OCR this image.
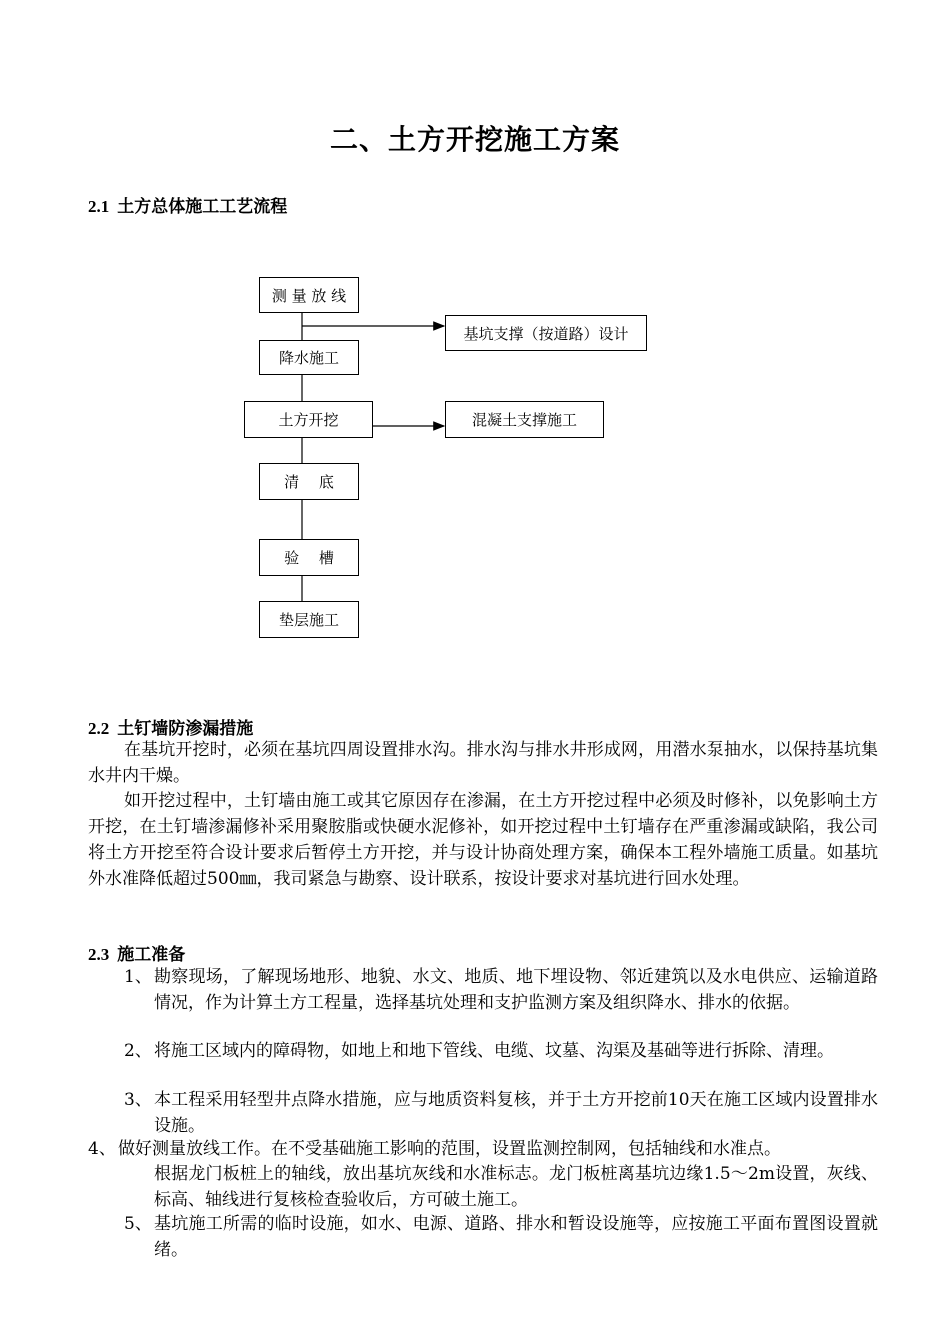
二、土方开挖施工方案
2.1 土方总体施工工艺流程
测 量 放 线
降水施工
土方开挖
清　 底
验　 槽
垫层施工
基坑支撑（按道路）设计
混凝土支撑施工
2.2 土钉墙防渗漏措施
在基坑开挖时，必须在基坑四周设置排水沟。排水沟与排水井形成网，用潜水泵抽水，以保持基坑集水井内干燥。
如开挖过程中，土钉墙由施工或其它原因存在渗漏，在土方开挖过程中必须及时修补，以免影响土方开挖，在土钉墙渗漏修补采用聚胺脂或快硬水泥修补，如开挖过程中土钉墙存在严重渗漏或缺陷，我公司将土方开挖至符合设计要求后暂停土方开挖，并与设计协商处理方案，确保本工程外墙施工质量。如基坑外水准降低超过500㎜，我司紧急与勘察、设计联系，按设计要求对基坑进行回水处理。
2.3 施工准备
1、 勘察现场，了解现场地形、地貌、水文、地质、地下埋设物、邻近建筑以及水电供应、运输道路情况，作为计算土方工程量，选择基坑处理和支护监测方案及组织降水、排水的依据。
2、 将施工区域内的障碍物，如地上和地下管线、电缆、坟墓、沟渠及基础等进行拆除、清理。
3、 本工程采用轻型井点降水措施，应与地质资料复核，并于土方开挖前10天在施工区域内设置排水设施。
4、 做好测量放线工作。在不受基础施工影响的范围，设置监测控制网，包括轴线和水准点。
根据龙门板桩上的轴线，放出基坑灰线和水准标志。龙门板桩离基坑边缘1.5～2m设置，灰线、标高、轴线进行复核检查验收后，方可破土施工。
5、 基坑施工所需的临时设施，如水、电源、道路、排水和暂设设施等，应按施工平面布置图设置就绪。
